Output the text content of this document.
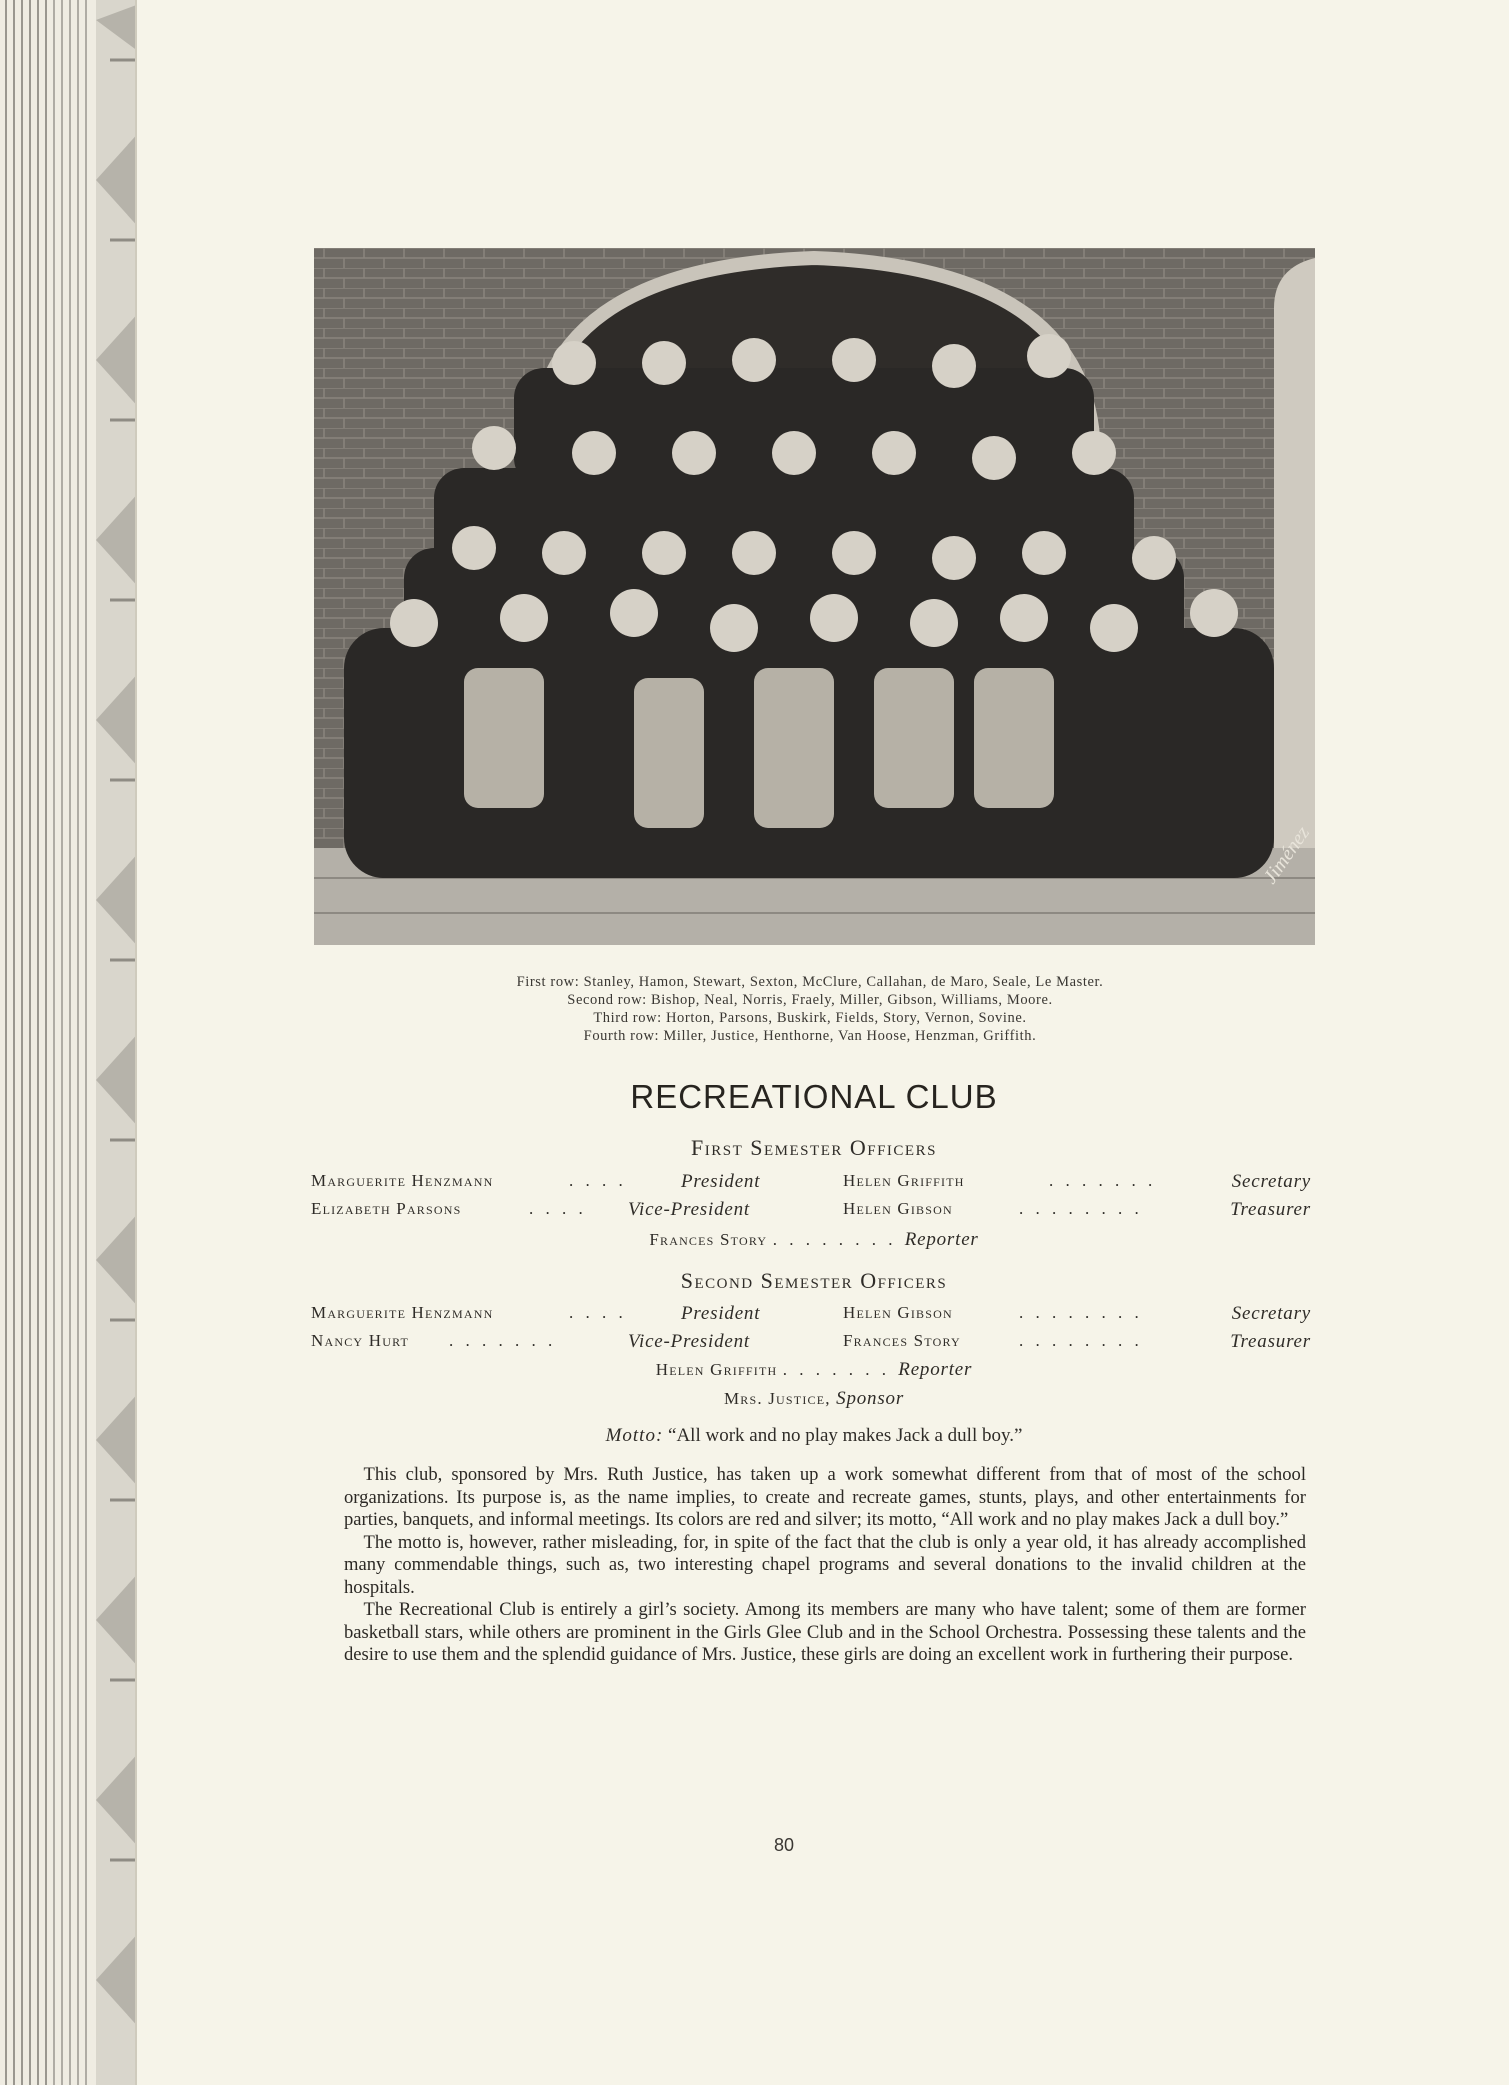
Jiménez
First row: Stanley, Hamon, Stewart, Sexton, McClure, Callahan, de Maro, Seale, Le Master.
Second row: Bishop, Neal, Norris, Fraely, Miller, Gibson, Williams, Moore.
Third row: Horton, Parsons, Buskirk, Fields, Story, Vernon, Sovine.
Fourth row: Miller, Justice, Henthorne, Van Hoose, Henzman, Griffith.
RECREATIONAL CLUB
First Semester Officers
Marguerite Henzmann	. . . .	President	Helen Griffith	. . . . . . .	Secretary
Elizabeth Parsons	. . . . Vice-President	Helen Gibson	. . . . . . . .	Treasurer
Frances Story . . . . . . . . Reporter
Second Semester Officers
Marguerite Henzmann	. . . .	President	Helen Gibson	. . . . . . . .	Secretary
Nancy Hurt . . . . . . .	Vice-President	Frances Story	. . . . . . . .	Treasurer
Helen Griffith . . . . . . . Reporter
Mrs. Justice, Sponsor
Motto: “All work and no play makes Jack a dull boy.”

This club, sponsored by Mrs. Ruth Justice, has taken up a work somewhat different from that of most of the school organizations. Its purpose is, as the name implies, to create and recreate games, stunts, plays, and other entertainments for parties, banquets, and informal meetings. Its colors are red and silver; its motto, “All work and no play makes Jack a dull boy.”

The motto is, however, rather misleading, for, in spite of the fact that the club is only a year old, it has already accomplished many commendable things, such as, two interesting chapel programs and several donations to the invalid children at the hospitals.

The Recreational Club is entirely a girl’s society. Among its members are many who have talent; some of them are former basketball stars, while others are prominent in the Girls Glee Club and in the School Orchestra. Possessing these talents and the desire to use them and the splendid guidance of Mrs. Justice, these girls are doing an excellent work in furthering their purpose.

80
